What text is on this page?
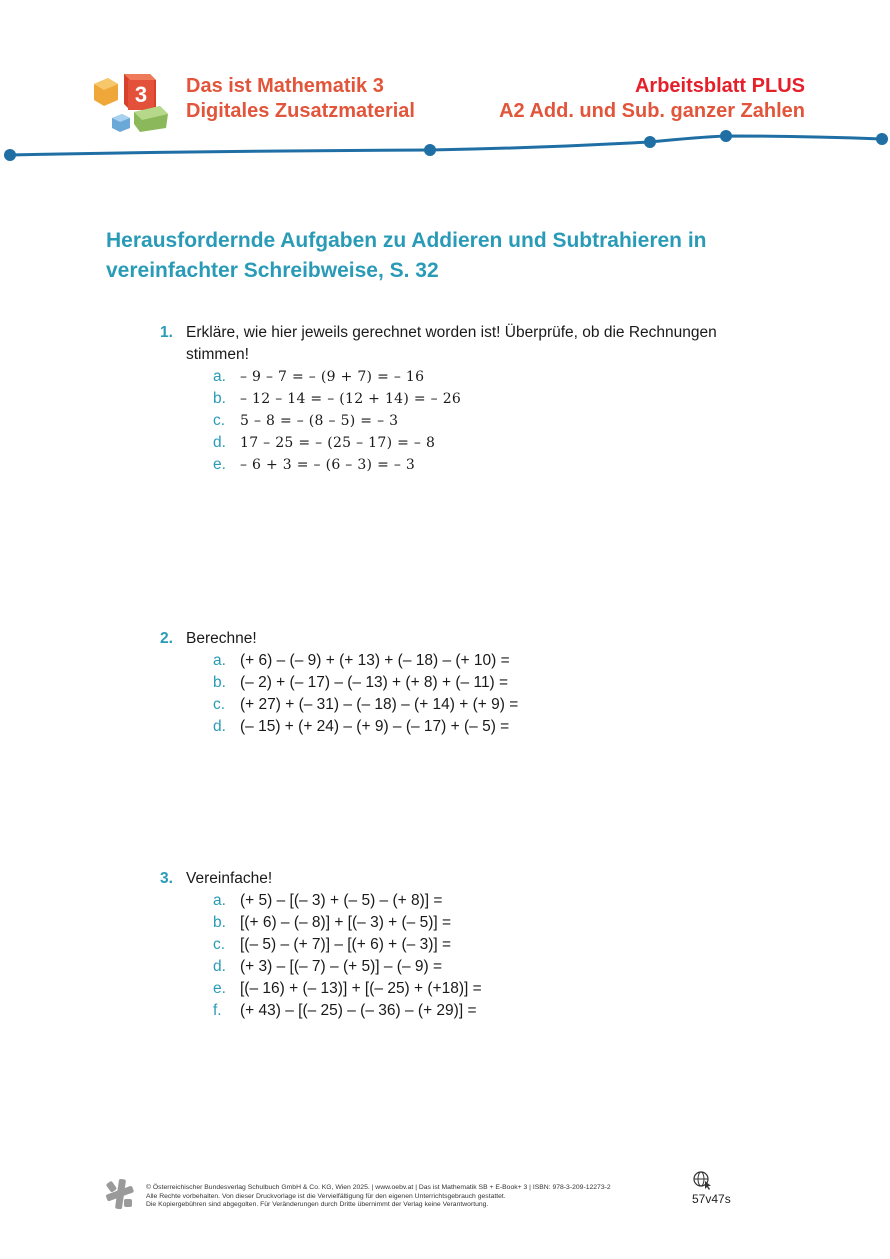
3 Das ist Mathematik 3
Digitales Zusatzmaterial
Arbeitsblatt PLUS
A2 Add. und Sub. ganzer Zahlen
Herausfordernde Aufgaben zu Addieren und Subtrahieren in vereinfachter Schreibweise, S. 32
1. Erkläre, wie hier jeweils gerechnet worden ist! Überprüfe, ob die Rechnungen stimmen!
a.	– 9 – 7 = – (9 + 7) = – 16
b.	– 12 – 14 = – (12 + 14) = – 26
c.	5 – 8 = – (8 – 5) = – 3
d.	17 – 25 = – (25 – 17) = – 8
e.	– 6 + 3 = – (6 – 3) = – 3
2. Berechne!
a. (+ 6) – (– 9) + (+ 13) + (– 18) – (+ 10) =
b. (– 2) + (– 17) – (– 13) + (+ 8) + (– 11) =
c. (+ 27) + (– 31) – (– 18) – (+ 14) + (+ 9) =
d. (– 15) + (+ 24) – (+ 9) – (– 17) + (– 5) =
3. Vereinfache!
a. (+ 5) – [(– 3) + (– 5) – (+ 8)] =
b. [(+ 6) – (– 8)] + [(– 3) + (– 5)] =
c. [(– 5) – (+ 7)] – [(+ 6) + (– 3)] =
d. (+ 3) – [(– 7) – (+ 5)] – (– 9) =
e. [(– 16) + (– 13)] + [(– 25) + (+18)] =
f.	(+ 43) – [(– 25) – (– 36) – (+ 29)] =
© Österreichischer Bundesverlag Schulbuch GmbH & Co. KG, Wien 2025. | www.oebv.at | Das ist Mathematik SB + E-Book+ 3 | ISBN: 978-3-209-12273-2
Alle Rechte vorbehalten. Von dieser Druckvorlage ist die Vervielfältigung für den eigenen Unterrichtsgebrauch gestattet.
Die Kopiergebühren sind abgegolten. Für Veränderungen durch Dritte übernimmt der Verlag keine Verantwortung.	57v47s
